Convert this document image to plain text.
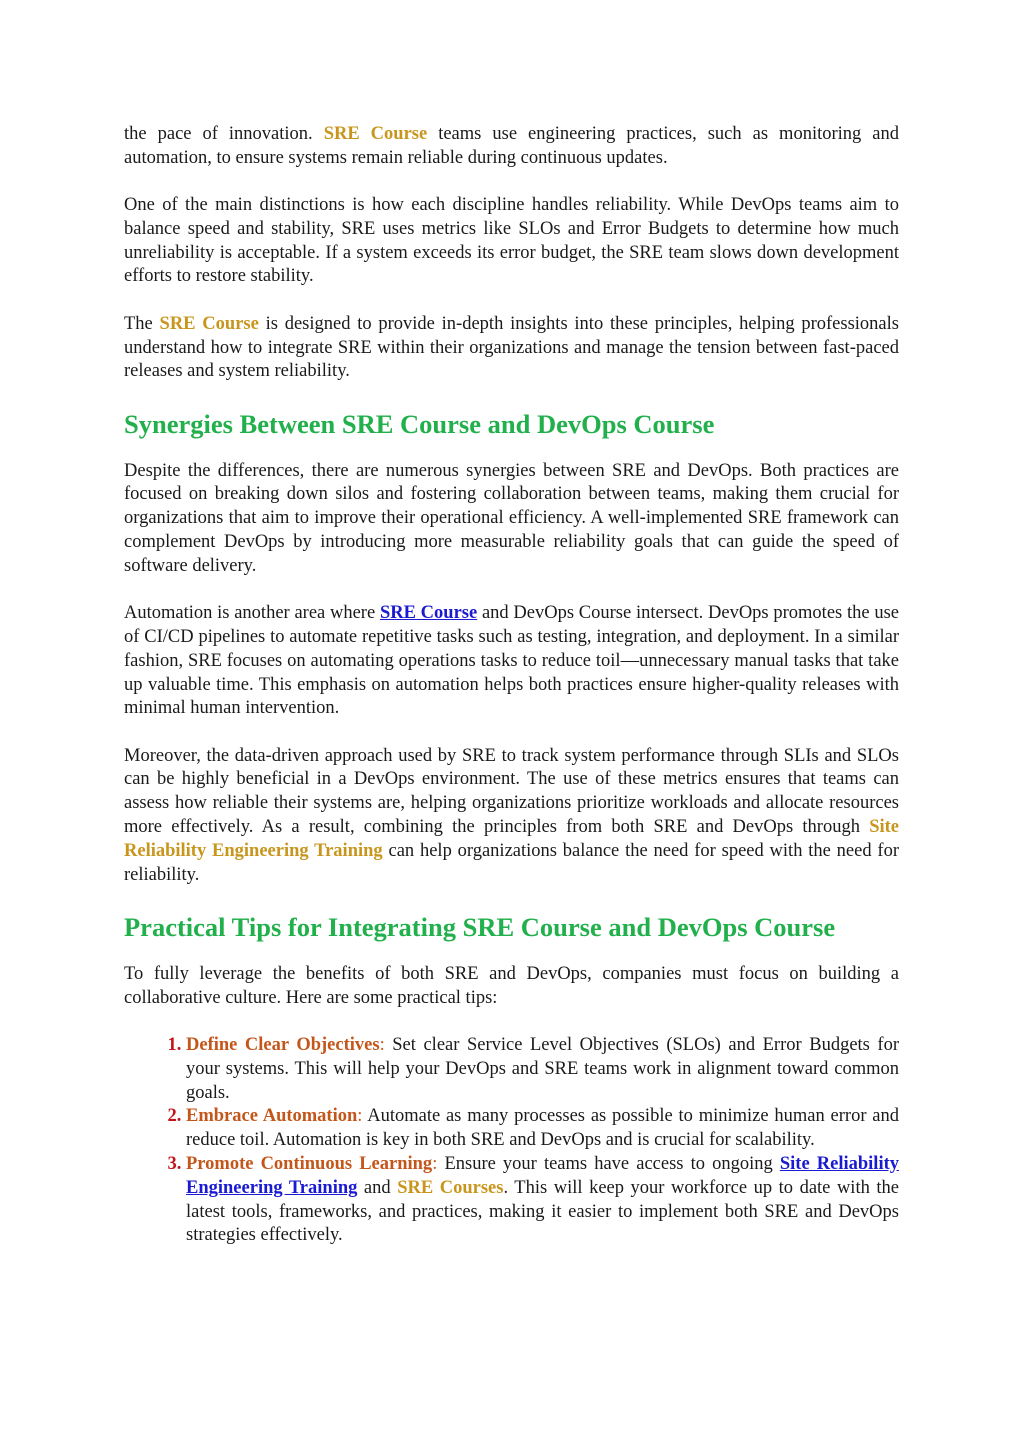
the pace of innovation. SRE Course teams use engineering practices, such as monitoring and automation, to ensure systems remain reliable during continuous updates.

One of the main distinctions is how each discipline handles reliability. While DevOps teams aim to balance speed and stability, SRE uses metrics like SLOs and Error Budgets to determine how much unreliability is acceptable. If a system exceeds its error budget, the SRE team slows down development efforts to restore stability.

The SRE Course is designed to provide in-depth insights into these principles, helping professionals understand how to integrate SRE within their organizations and manage the tension between fast-paced releases and system reliability.

Synergies Between SRE Course and DevOps Course

Despite the differences, there are numerous synergies between SRE and DevOps. Both practices are focused on breaking down silos and fostering collaboration between teams, making them crucial for organizations that aim to improve their operational efficiency. A well-implemented SRE framework can complement DevOps by introducing more measurable reliability goals that can guide the speed of software delivery.

Automation is another area where SRE Course and DevOps Course intersect. DevOps promotes the use of CI/CD pipelines to automate repetitive tasks such as testing, integration, and deployment. In a similar fashion, SRE focuses on automating operations tasks to reduce toil—unnecessary manual tasks that take up valuable time. This emphasis on automation helps both practices ensure higher-quality releases with minimal human intervention.

Moreover, the data-driven approach used by SRE to track system performance through SLIs and SLOs can be highly beneficial in a DevOps environment. The use of these metrics ensures that teams can assess how reliable their systems are, helping organizations prioritize workloads and allocate resources more effectively. As a result, combining the principles from both SRE and DevOps through Site Reliability Engineering Training can help organizations balance the need for speed with the need for reliability.

Practical Tips for Integrating SRE Course and DevOps Course

To fully leverage the benefits of both SRE and DevOps, companies must focus on building a collaborative culture. Here are some practical tips:

1. Define Clear Objectives: Set clear Service Level Objectives (SLOs) and Error Budgets for your systems. This will help your DevOps and SRE teams work in alignment toward common goals.
2. Embrace Automation: Automate as many processes as possible to minimize human error and reduce toil. Automation is key in both SRE and DevOps and is crucial for scalability.
3. Promote Continuous Learning: Ensure your teams have access to ongoing Site Reliability Engineering Training and SRE Courses. This will keep your workforce up to date with the latest tools, frameworks, and practices, making it easier to implement both SRE and DevOps strategies effectively.
